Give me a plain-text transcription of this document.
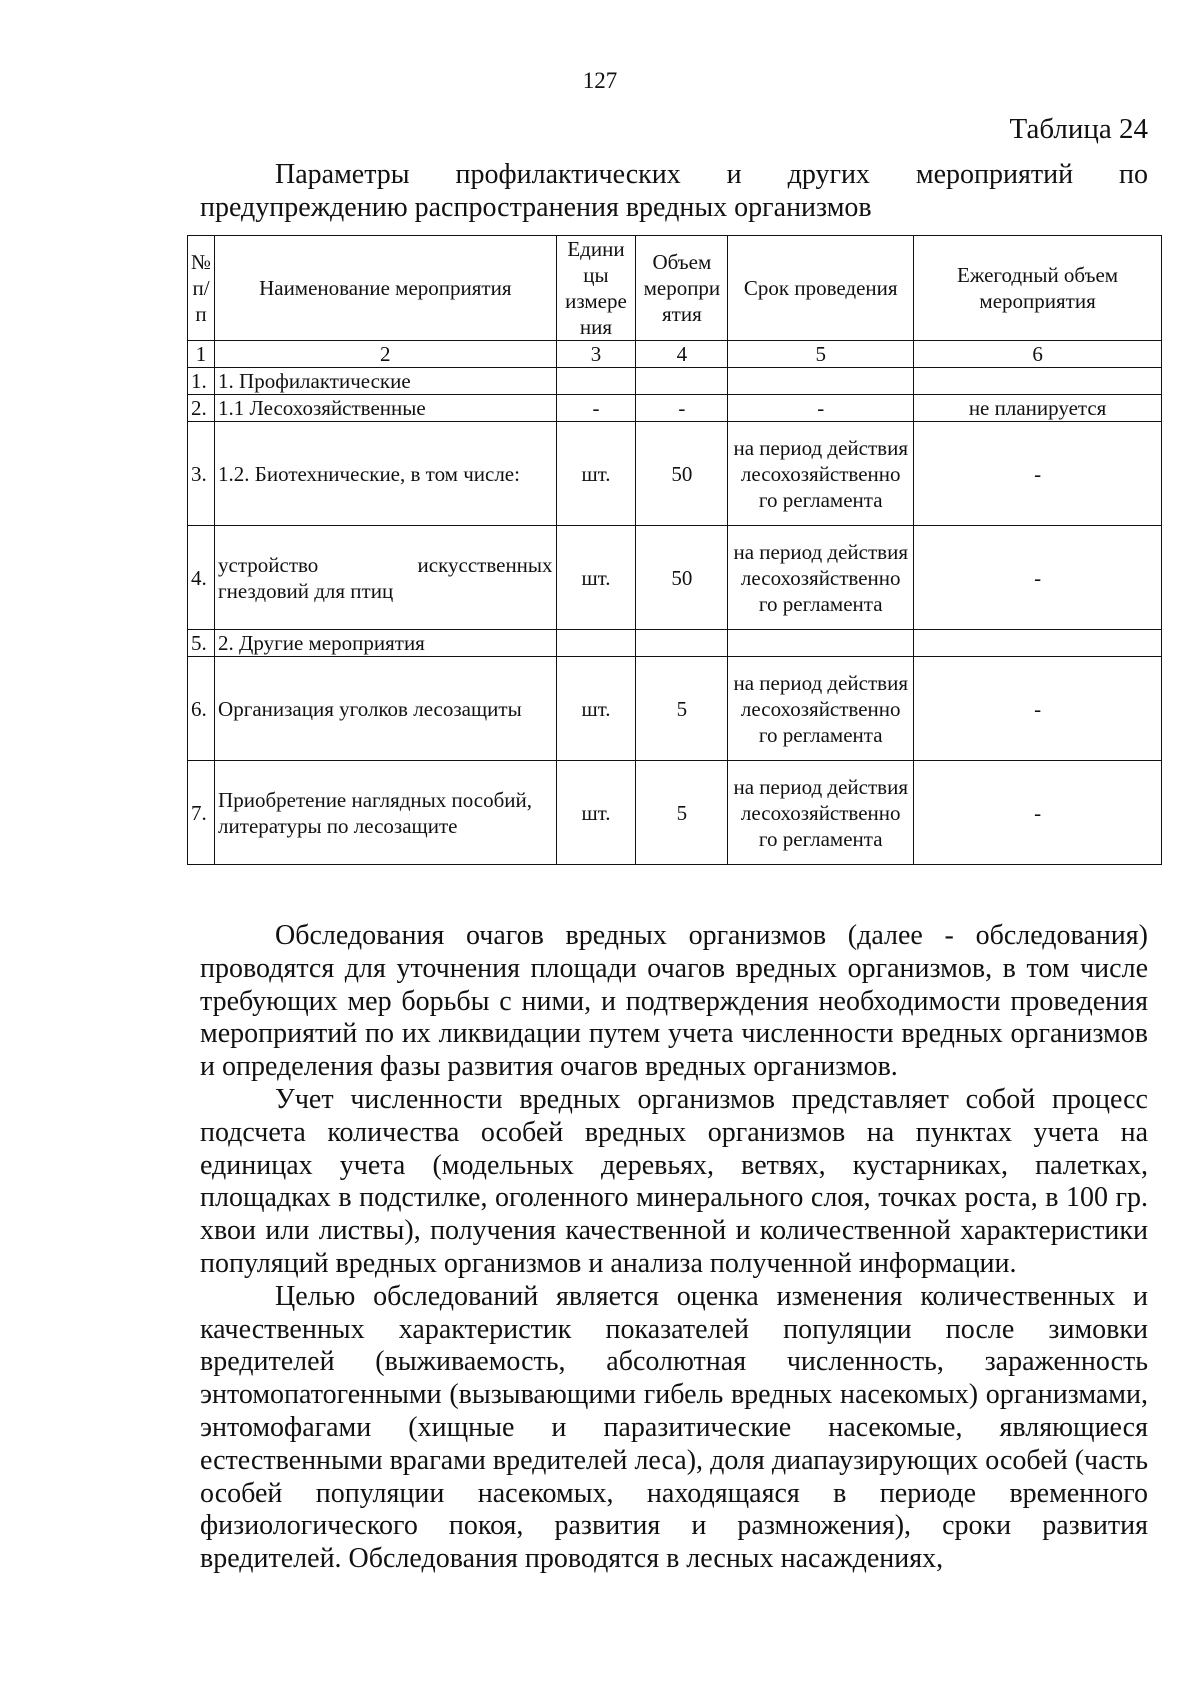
127
Таблица 24
Параметры профилактических и других мероприятий по
предупреждению распространения вредных организмов
№ п/ п	Наименование мероприятия	Едини цы измере ния	Объем меропри ятия	Срок проведения	Ежегодный объем мероприятия
1	2	3	4	5	6
1.	1. Профилактические				
2.	1.1 Лесохозяйственные	-	-	-	не планируется
3.	1.2. Биотехнические, в том числе:	шт.	50	на период действия лесохозяйственно го регламента	-
4.	устройство искусственных гнездовий для птиц	шт.	50	на период действия лесохозяйственно го регламента	-
5.	2. Другие мероприятия				
6.	Организация уголков лесозащиты	шт.	5	на период действия лесохозяйственно го регламента	-
7.	Приобретение наглядных пособий, литературы по лесозащите	шт.	5	на период действия лесохозяйственно го регламента	-

Обследования очагов вредных организмов (далее - обследования) проводятся для уточнения площади очагов вредных организмов, в том числе требующих мер борьбы с ними, и подтверждения необходимости проведения мероприятий по их ликвидации путем учета численности вредных организмов и определения фазы развития очагов вредных организмов.

Учет численности вредных организмов представляет собой процесс подсчета количества особей вредных организмов на пунктах учета на единицах учета (модельных деревьях, ветвях, кустарниках, палетках, площадках в подстилке, оголенного минерального слоя, точках роста, в 100 гр. хвои или листвы), получения качественной и количественной характеристики популяций вредных организмов и анализа полученной информации.

Целью обследований является оценка изменения количественных и качественных характеристик показателей популяции после зимовки вредителей (выживаемость, абсолютная численность, зараженность энтомопатогенными (вызывающими гибель вредных насекомых) организмами, энтомофагами (хищные и паразитические насекомые, являющиеся естественными врагами вредителей леса), доля диапаузирующих особей (часть особей популяции насекомых, находящаяся в периоде временного физиологического покоя, развития и размножения), сроки развития вредителей. Обследования проводятся в лесных насаждениях,
